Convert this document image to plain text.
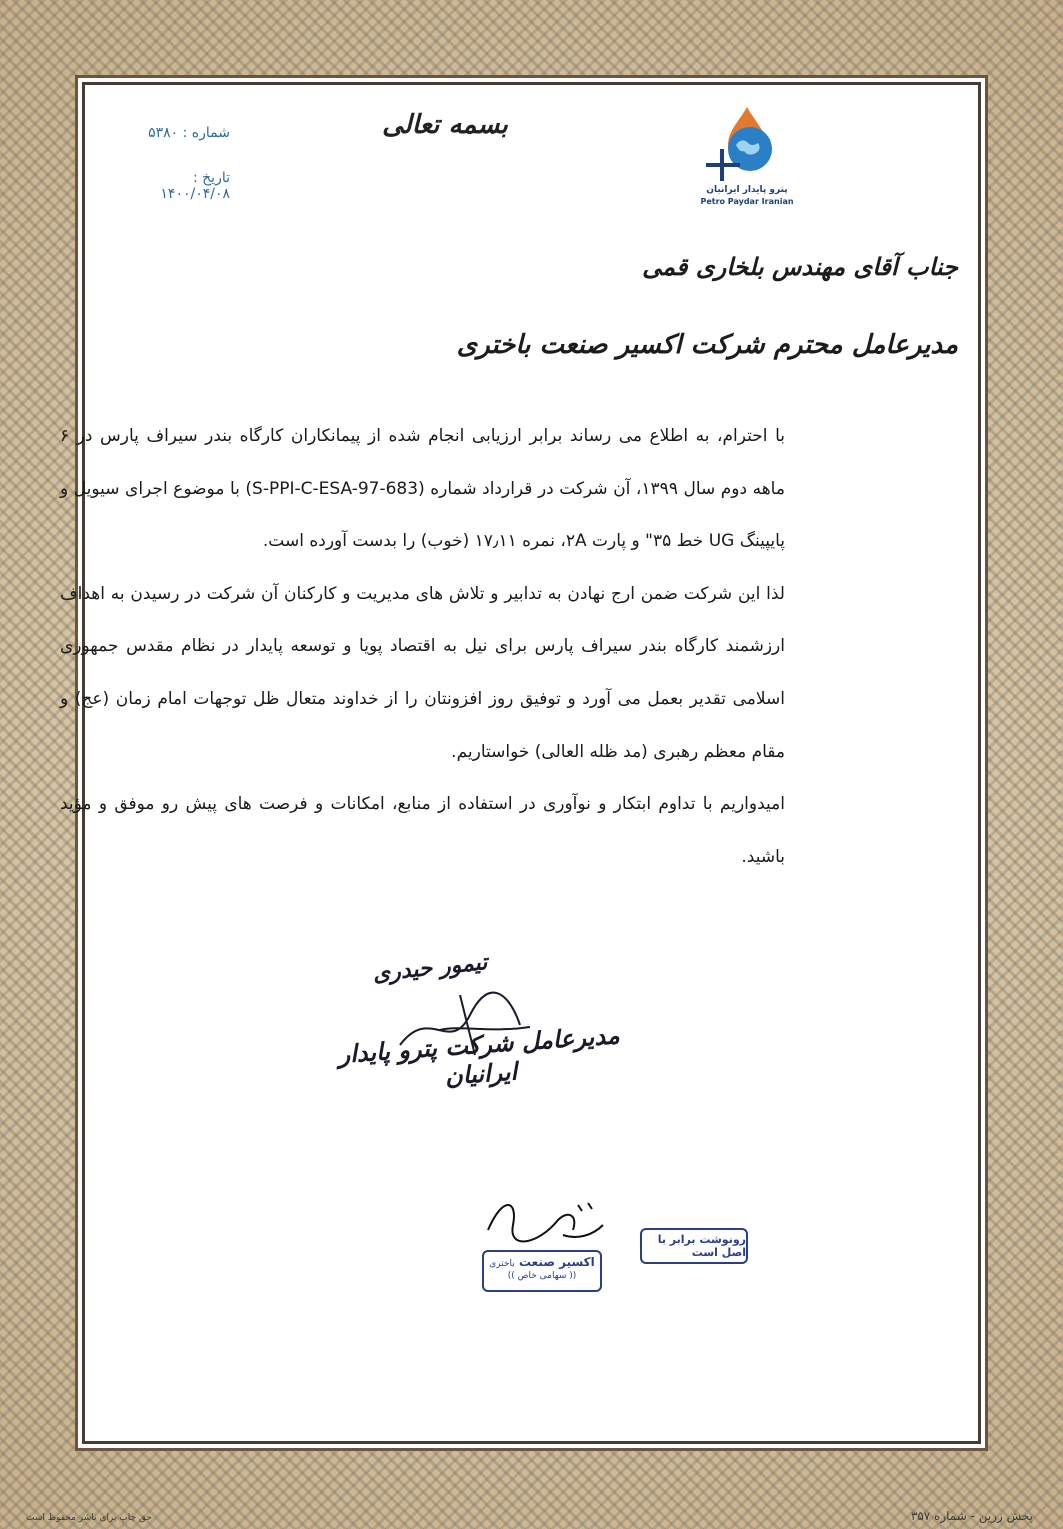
پترو پایدار ایرانیان
Petro Paydar Iranian
بسمه تعالی
شماره : ۵۳۸۰
تاریخ : ۱۴۰۰/۰۴/۰۸
جناب آقای مهندس بلخاری قمی
مدیرعامل محترم شرکت اکسیر صنعت باختری

با احترام، به اطلاع می رساند برابر ارزیابی انجام شده از پیمانکاران کارگاه بندر سیراف پارس در ۶ ماهه دوم سال ۱۳۹۹، آن شرکت در قرارداد شماره (S-PPI-C-ESA-97-683) با موضوع اجرای سیویل و پایپینگ UG خط ۳۵" و پارت ۲A، نمره ۱۷٫۱۱ (خوب) را بدست آورده است.

لذا این شرکت ضمن ارج نهادن به تدابیر و تلاش های مدیریت و کارکنان آن شرکت در رسیدن به اهداف ارزشمند کارگاه بندر سیراف پارس برای نیل به اقتصاد پویا و توسعه پایدار در نظام مقدس جمهوری اسلامی تقدیر بعمل می آورد و توفیق روز افزونتان را از خداوند متعال ظل توجهات امام زمان (عج) و مقام معظم رهبری (مد ظله العالی) خواستاریم.

امیدواریم با تداوم ابتکار و نوآوری در استفاده از منابع، امکانات و فرصت های پیش رو موفق و مؤید باشید.

تیمور حیدری
مدیرعامل شرکت پترو پایدار ایرانیان
اکسیر صنعت باختری
(( سهامی خاص ))
رونوشت برابر با اصل است
حق چاپ برای ناشر محفوظ است	پخش زرین - شماره ۳۵۷
